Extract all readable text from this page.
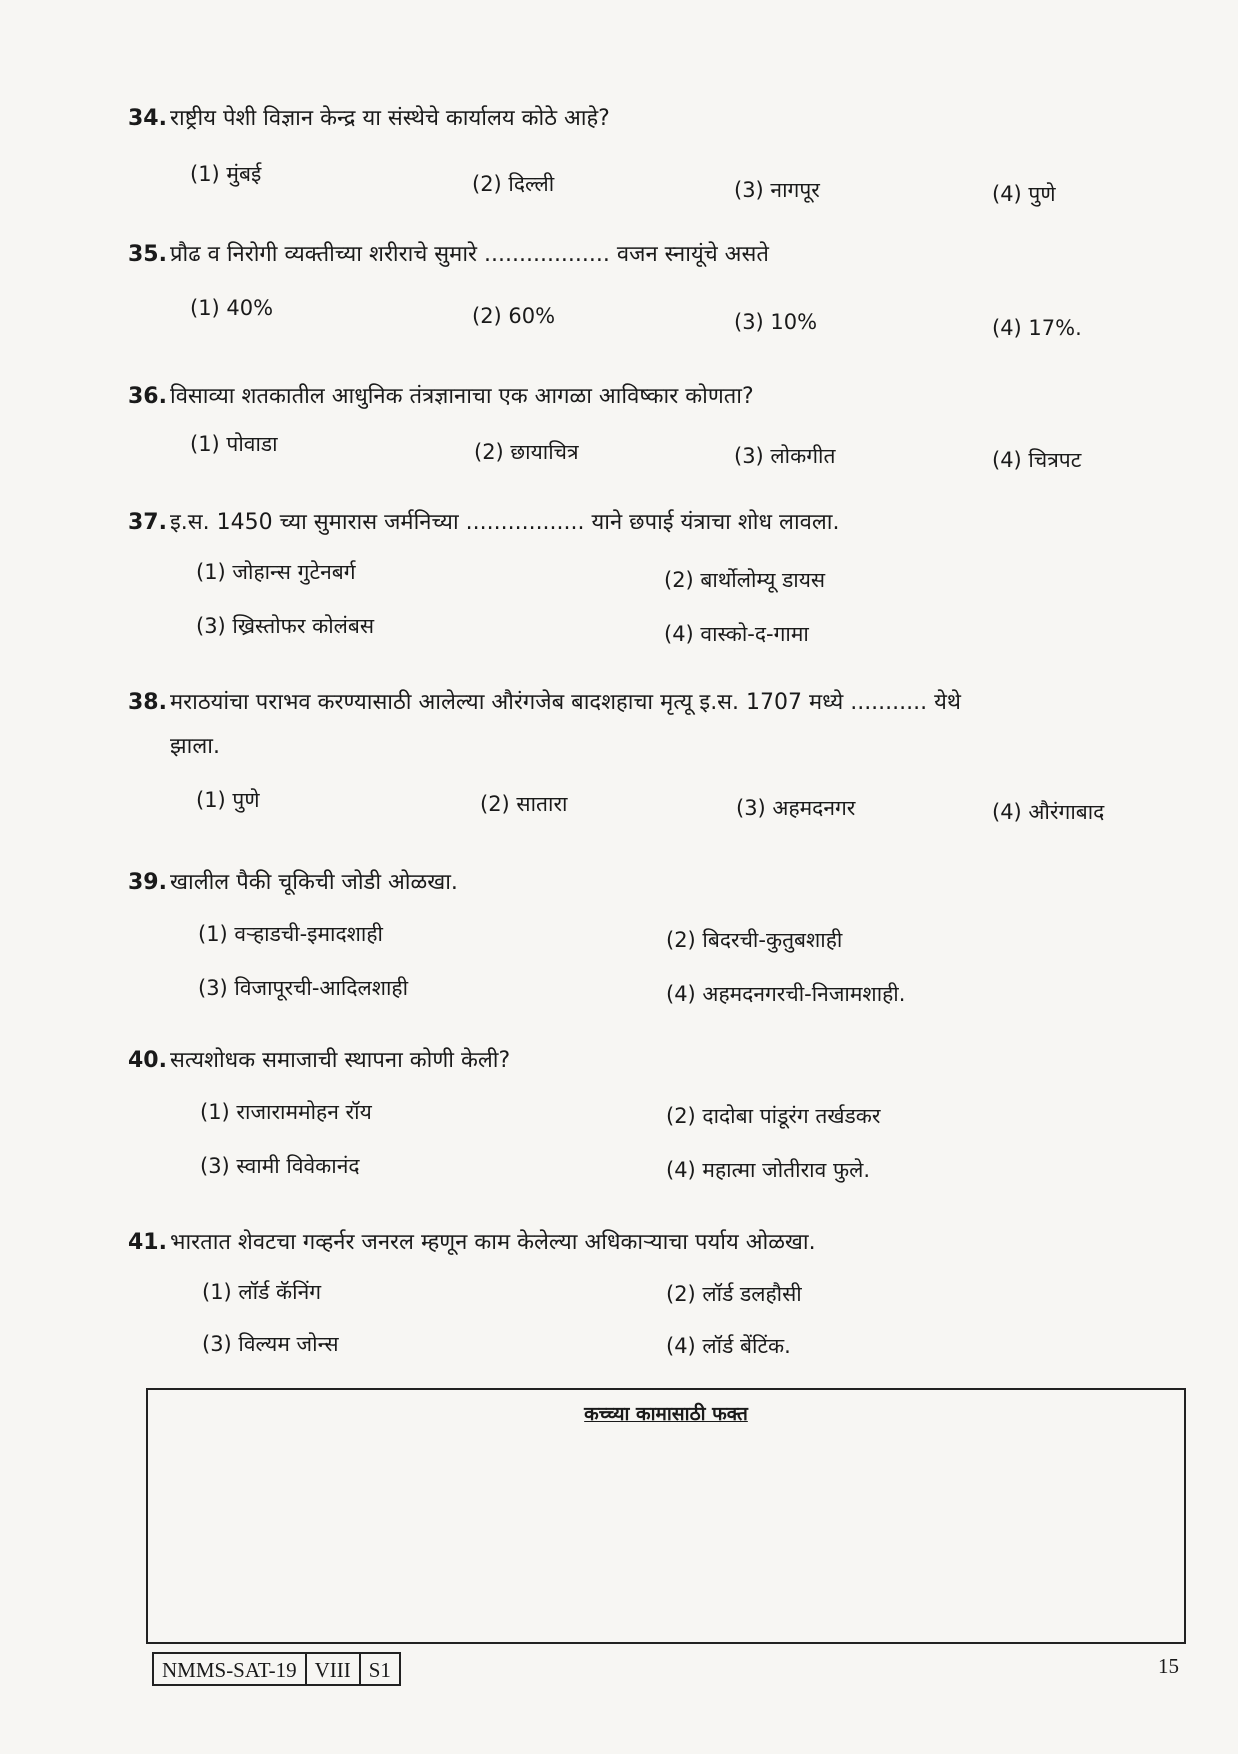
34. राष्ट्रीय पेशी विज्ञान केन्द्र या संस्थेचे कार्यालय कोठे आहे?
(1) मुंबई	(2) दिल्ली	(3) नागपूर	(4) पुणे
35. प्रौढ व निरोगी व्यक्तीच्या शरीराचे सुमारे .................. वजन स्नायूंचे असते
(1) 40%	(2) 60%	(3) 10%	(4) 17%.
36. विसाव्या शतकातील आधुनिक तंत्रज्ञानाचा एक आगळा आविष्कार कोणता?
(1) पोवाडा	(2) छायाचित्र	(3) लोकगीत	(4) चित्रपट
37. इ.स. 1450 च्या सुमारास जर्मनिच्या ................. याने छपाई यंत्राचा शोध लावला.
(1) जोहान्स गुटेनबर्ग	(2) बार्थोलोम्यू डायस
(3) ख्रिस्तोफर कोलंबस	(4) वास्को-द-गामा
38. मराठयांचा पराभव करण्यासाठी आलेल्या औरंगजेब बादशहाचा मृत्यू इ.स. 1707 मध्ये ........... येथे
झाला.
(1) पुणे	(2) सातारा	(3) अहमदनगर	(4) औरंगाबाद
39. खालील पैकी चूकिची जोडी ओळखा.
(1) वऱ्हाडची-इमादशाही	(2) बिदरची-कुतुबशाही
(3) विजापूरची-आदिलशाही	(4) अहमदनगरची-निजामशाही.
40. सत्यशोधक समाजाची स्थापना कोणी केली?
(1) राजाराममोहन रॉय	(2) दादोबा पांडूरंग तर्खडकर
(3) स्वामी विवेकानंद	(4) महात्मा जोतीराव फुले.
41. भारतात शेवटचा गव्हर्नर जनरल म्हणून काम केलेल्या अधिकाऱ्याचा पर्याय ओळखा.
(1) लॉर्ड कॅनिंग	(2) लॉर्ड डलहौसी
(3) विल्यम जोन्स	(4) लॉर्ड बेंटिंक.
कच्च्या कामासाठी फक्त
NMMS-SAT-19 VIII S1	15
